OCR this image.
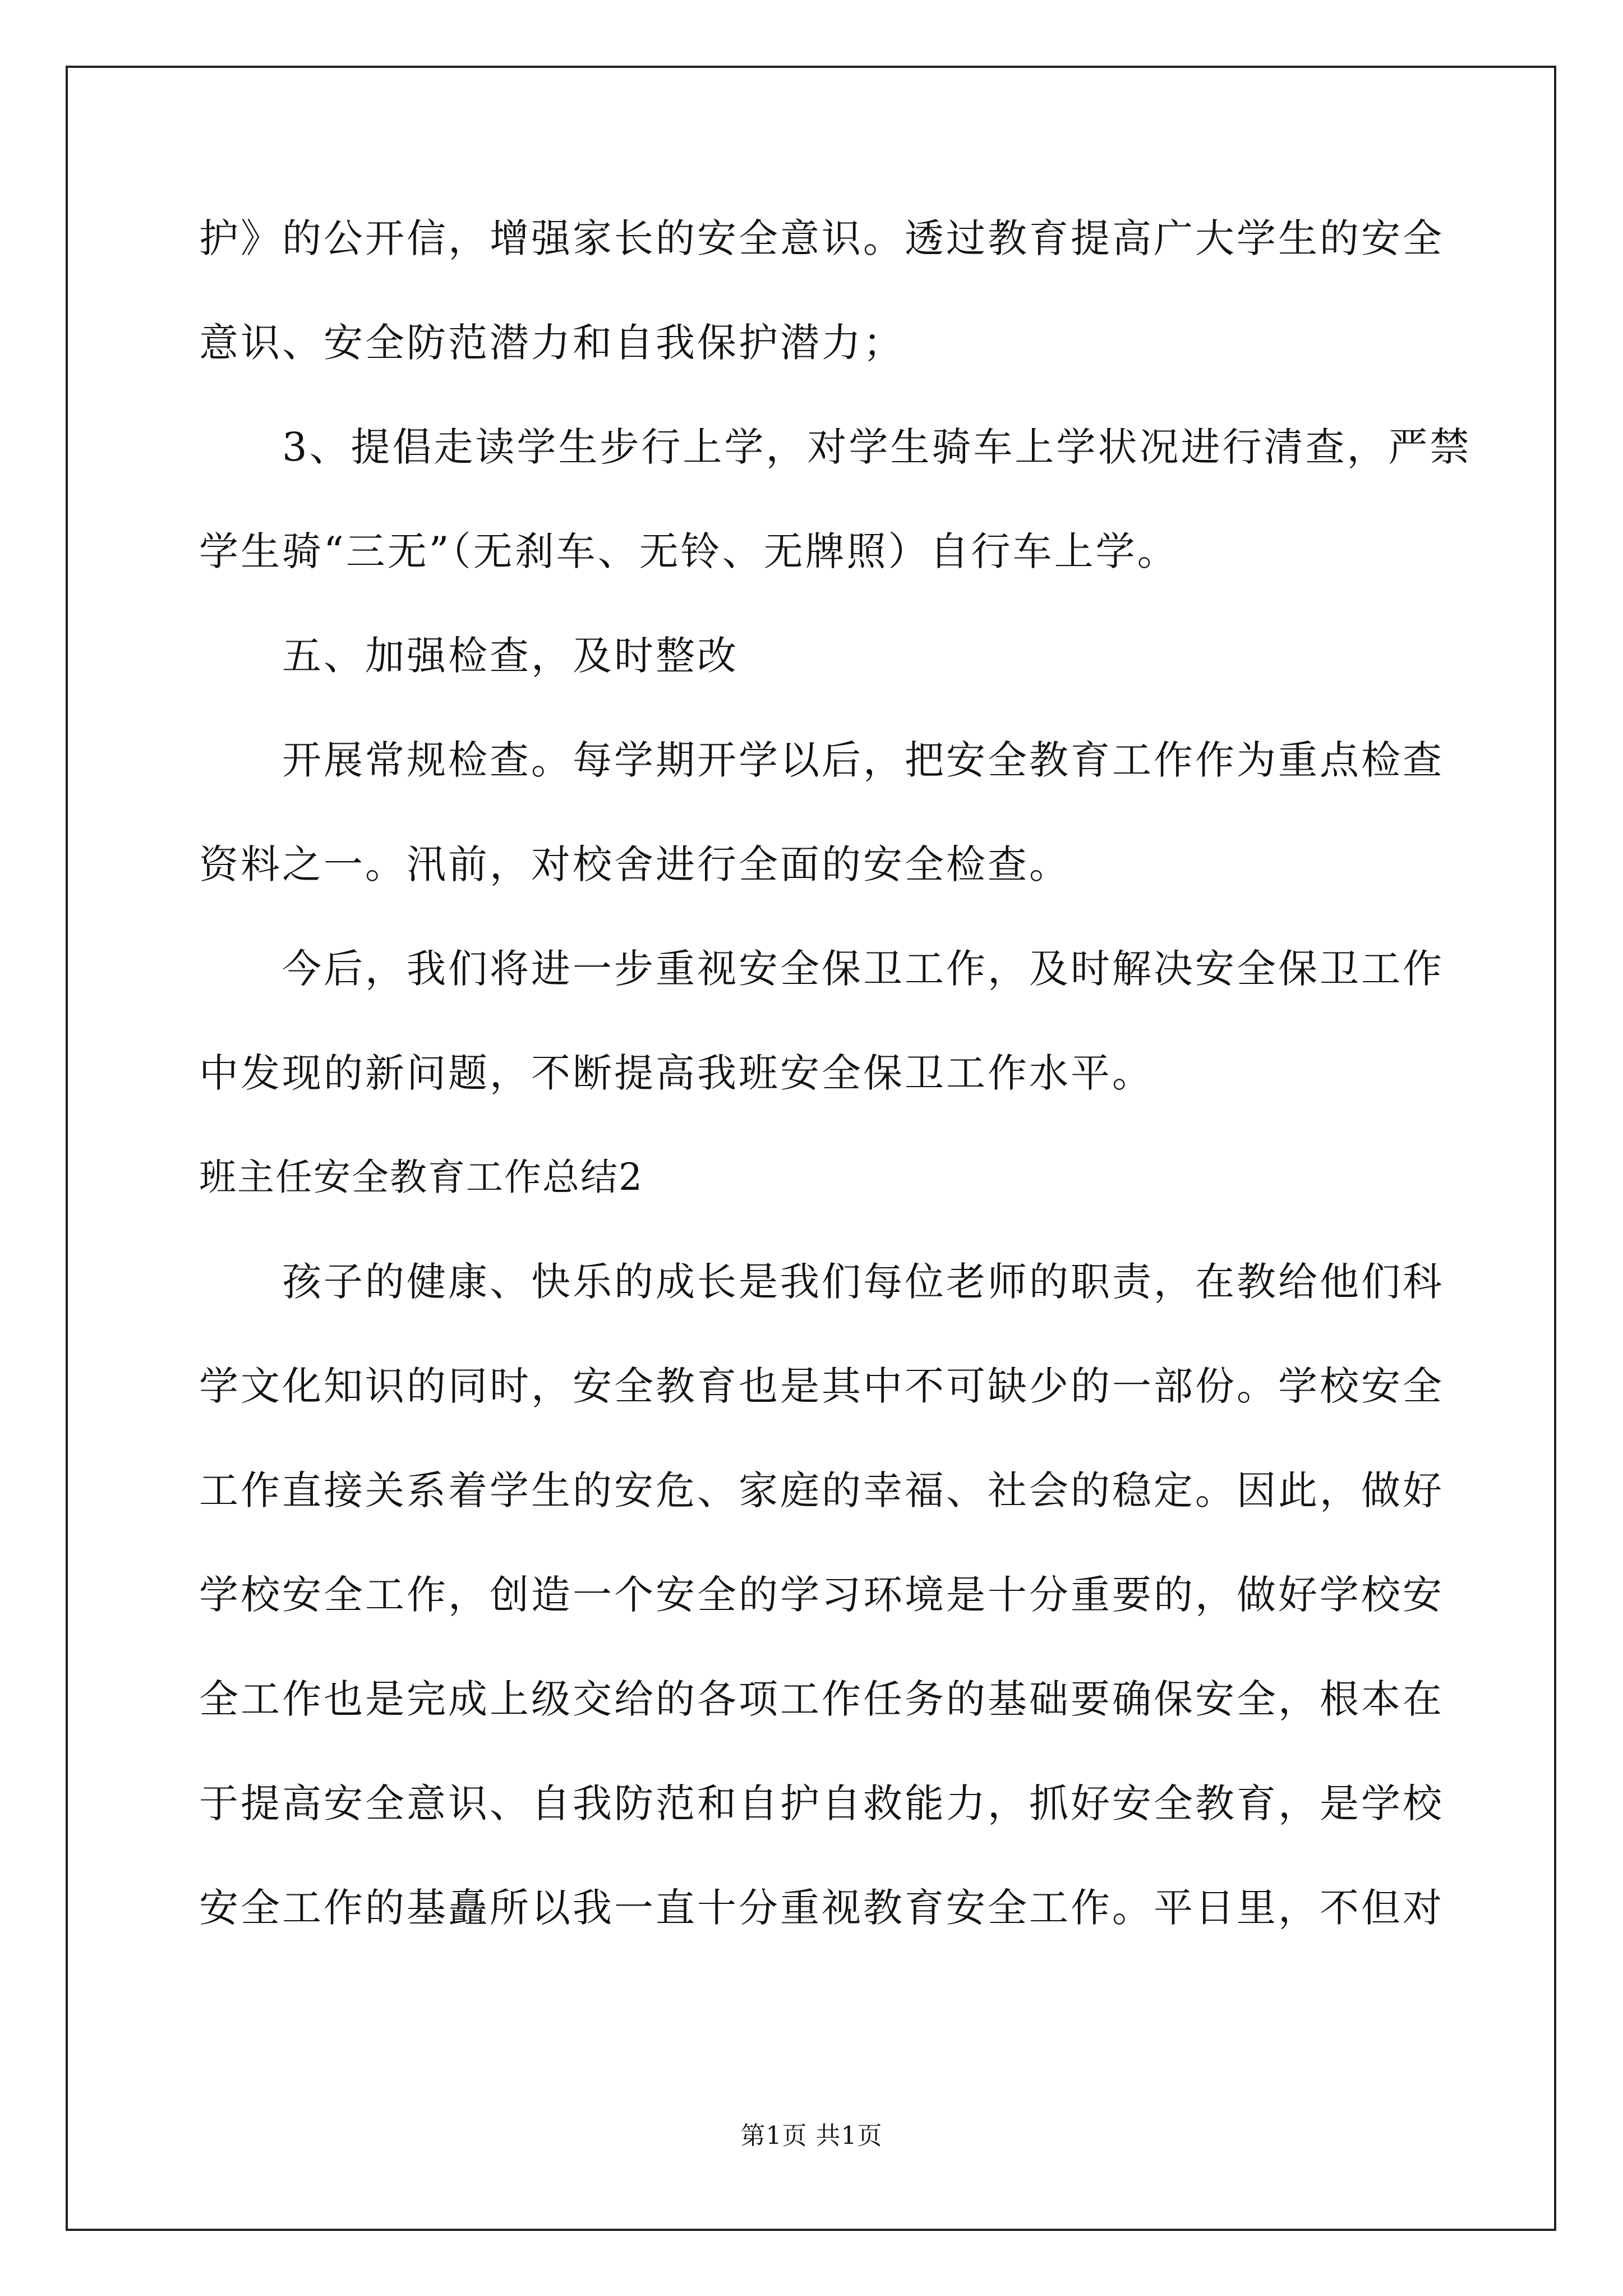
护》的公开信，增强家长的安全意识。透过教育提高广大学生的安全
意识、安全防范潜力和自我保护潜力；
3、提倡走读学生步行上学，对学生骑车上学状况进行清查，严禁
学生骑“三无”（无刹车、无铃、无牌照）自行车上学。
五、加强检查，及时整改
开展常规检查。每学期开学以后，把安全教育工作作为重点检查
资料之一。汛前，对校舍进行全面的安全检查。
今后，我们将进一步重视安全保卫工作，及时解决安全保卫工作
中发现的新问题，不断提高我班安全保卫工作水平。
班主任安全教育工作总结2
孩子的健康、快乐的成长是我们每位老师的职责，在教给他们科
学文化知识的同时，安全教育也是其中不可缺少的一部份。学校安全
工作直接关系着学生的安危、家庭的幸福、社会的稳定。因此，做好
学校安全工作，创造一个安全的学习环境是十分重要的，做好学校安
全工作也是完成上级交给的各项工作任务的基础要确保安全，根本在
于提高安全意识、自我防范和自护自救能力，抓好安全教育，是学校
安全工作的基矗所以我一直十分重视教育安全工作。平日里，不但对
第1页 共1页
